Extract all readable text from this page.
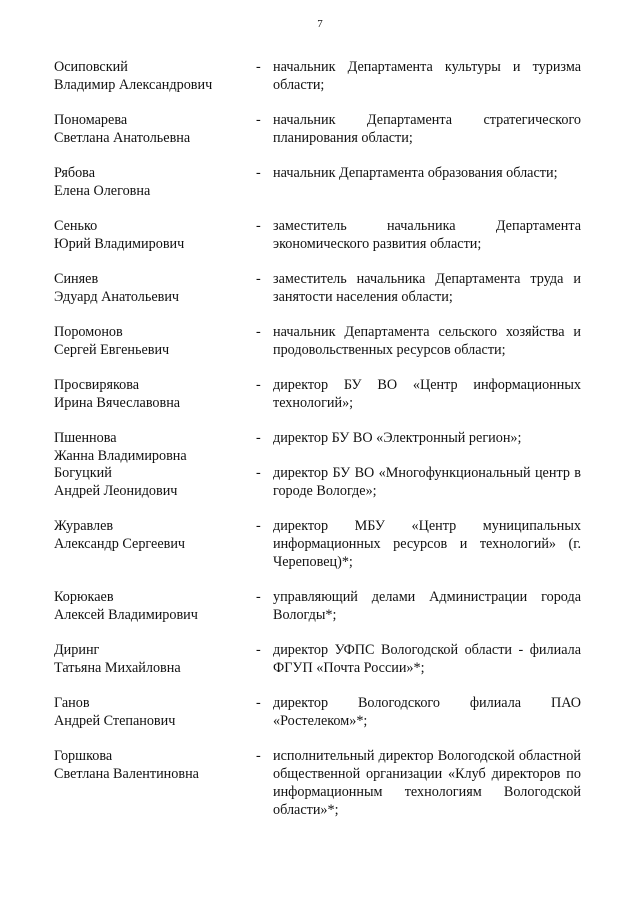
7
Осиповский
Владимир Александрович
- начальник Департамента культуры и туризма области;
Пономарева
Светлана Анатольевна
- начальник Департамента стратегического планирования области;
Рябова
Елена Олеговна
- начальник Департамента образования области;
Сенько
Юрий Владимирович
- заместитель начальника Департамента экономического развития области;
Синяев
Эдуард Анатольевич
- заместитель начальника Департамента труда и занятости населения области;
Поромонов
Сергей Евгеньевич
- начальник Департамента сельского хозяйства и продовольственных ресурсов области;
Просвирякова
Ирина Вячеславовна
- директор БУ ВО «Центр информационных технологий»;
Пшеннова
Жанна Владимировна
- директор БУ ВО «Электронный регион»;
Богуцкий
Андрей Леонидович
- директор БУ ВО «Многофункциональный центр в городе Вологде»;
Журавлев
Александр Сергеевич
- директор МБУ «Центр муниципальных информационных ресурсов и технологий» (г. Череповец)*;
Корюкаев
Алексей Владимирович
- управляющий делами Администрации города Вологды*;
Диринг
Татьяна Михайловна
- директор УФПС Вологодской области - филиала ФГУП «Почта России»*;
Ганов
Андрей Степанович
- директор Вологодского филиала ПАО «Ростелеком»*;
Горшкова
Светлана Валентиновна
- исполнительный директор Вологодской областной общественной организации «Клуб директоров по информационным технологиям Вологодской области»*;
